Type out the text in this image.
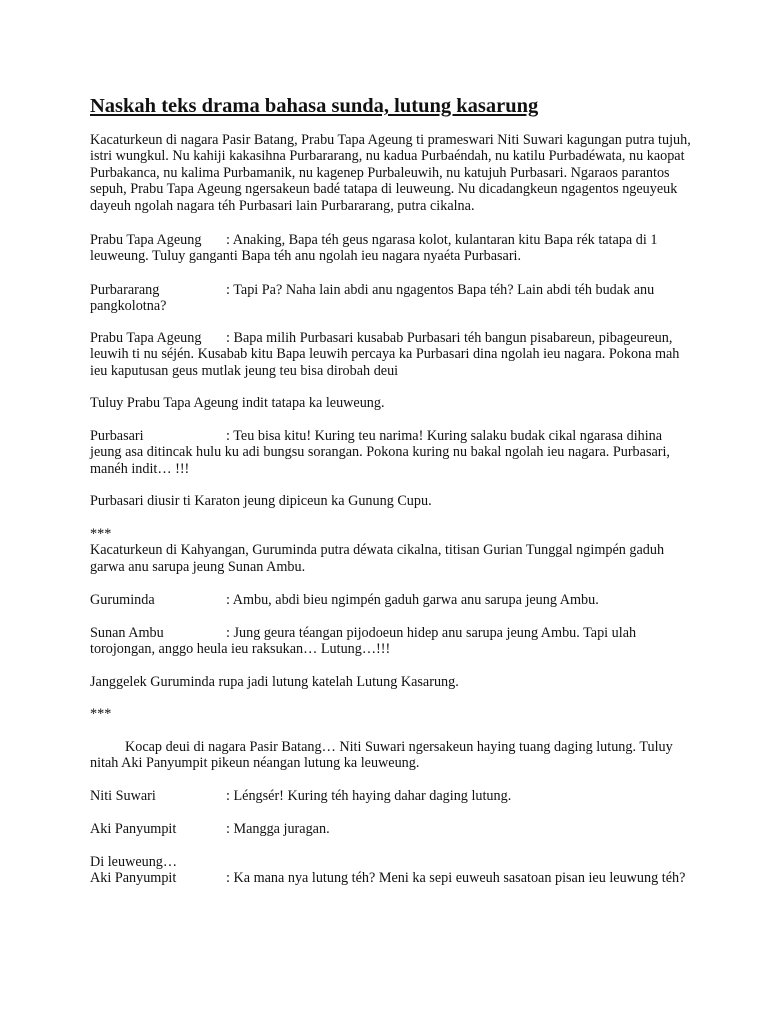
Naskah teks drama bahasa sunda, lutung kasarung
Kacaturkeun di nagara Pasir Batang, Prabu Tapa Ageung ti prameswari Niti Suwari kagungan putra tujuh,
istri wungkul. Nu kahiji kakasihna Purbararang, nu kadua Purbaéndah, nu katilu Purbadéwata, nu kaopat
Purbakanca, nu kalima Purbamanik, nu kagenep Purbaleuwih, nu katujuh Purbasari. Ngaraos parantos
sepuh, Prabu Tapa Ageung ngersakeun badé tatapa di leuweung. Nu dicadangkeun ngagentos ngeuyeuk
dayeuh ngolah nagara téh Purbasari lain Purbararang, putra cikalna.
Prabu Tapa Ageung : Anaking, Bapa téh geus ngarasa kolot, kulantaran kitu Bapa rék tatapa di 1
leuweung. Tuluy ganganti Bapa téh anu ngolah ieu nagara nyaéta Purbasari.
Purbararang	: Tapi Pa? Naha lain abdi anu ngagentos Bapa téh? Lain abdi téh budak anu
pangkolotna?
Prabu Tapa Ageung : Bapa milih Purbasari kusabab Purbasari téh bangun pisabareun, pibageureun,
leuwih ti nu séjén. Kusabab kitu Bapa leuwih percaya ka Purbasari dina ngolah ieu nagara. Pokona mah
ieu kaputusan geus mutlak jeung teu bisa dirobah deui
Tuluy Prabu Tapa Ageung indit tatapa ka leuweung.
Purbasari	: Teu bisa kitu! Kuring teu narima! Kuring salaku budak cikal ngarasa dihina
jeung asa ditincak hulu ku adi bungsu sorangan. Pokona kuring nu bakal ngolah ieu nagara. Purbasari,
manéh indit… !!!
Purbasari diusir ti Karaton jeung dipiceun ka Gunung Cupu.
***
Kacaturkeun di Kahyangan, Guruminda putra déwata cikalna, titisan Gurian Tunggal ngimpén gaduh
garwa anu sarupa jeung Sunan Ambu.
Guruminda	: Ambu, abdi bieu ngimpén gaduh garwa anu sarupa jeung Ambu.
Sunan Ambu	: Jung geura téangan pijodoeun hidep anu sarupa jeung Ambu. Tapi ulah
torojongan, anggo heula ieu raksukan… Lutung…!!!
Janggelek Guruminda rupa jadi lutung katelah Lutung Kasarung.
***
Kocap deui di nagara Pasir Batang… Niti Suwari ngersakeun haying tuang daging lutung. Tuluy
nitah Aki Panyumpit pikeun néangan lutung ka leuweung.
Niti Suwari	: Léngsér! Kuring téh haying dahar daging lutung.
Aki Panyumpit	: Mangga juragan.
Di leuweung…
Aki Panyumpit	: Ka mana nya lutung téh? Meni ka sepi euweuh sasatoan pisan ieu leuwung téh?
